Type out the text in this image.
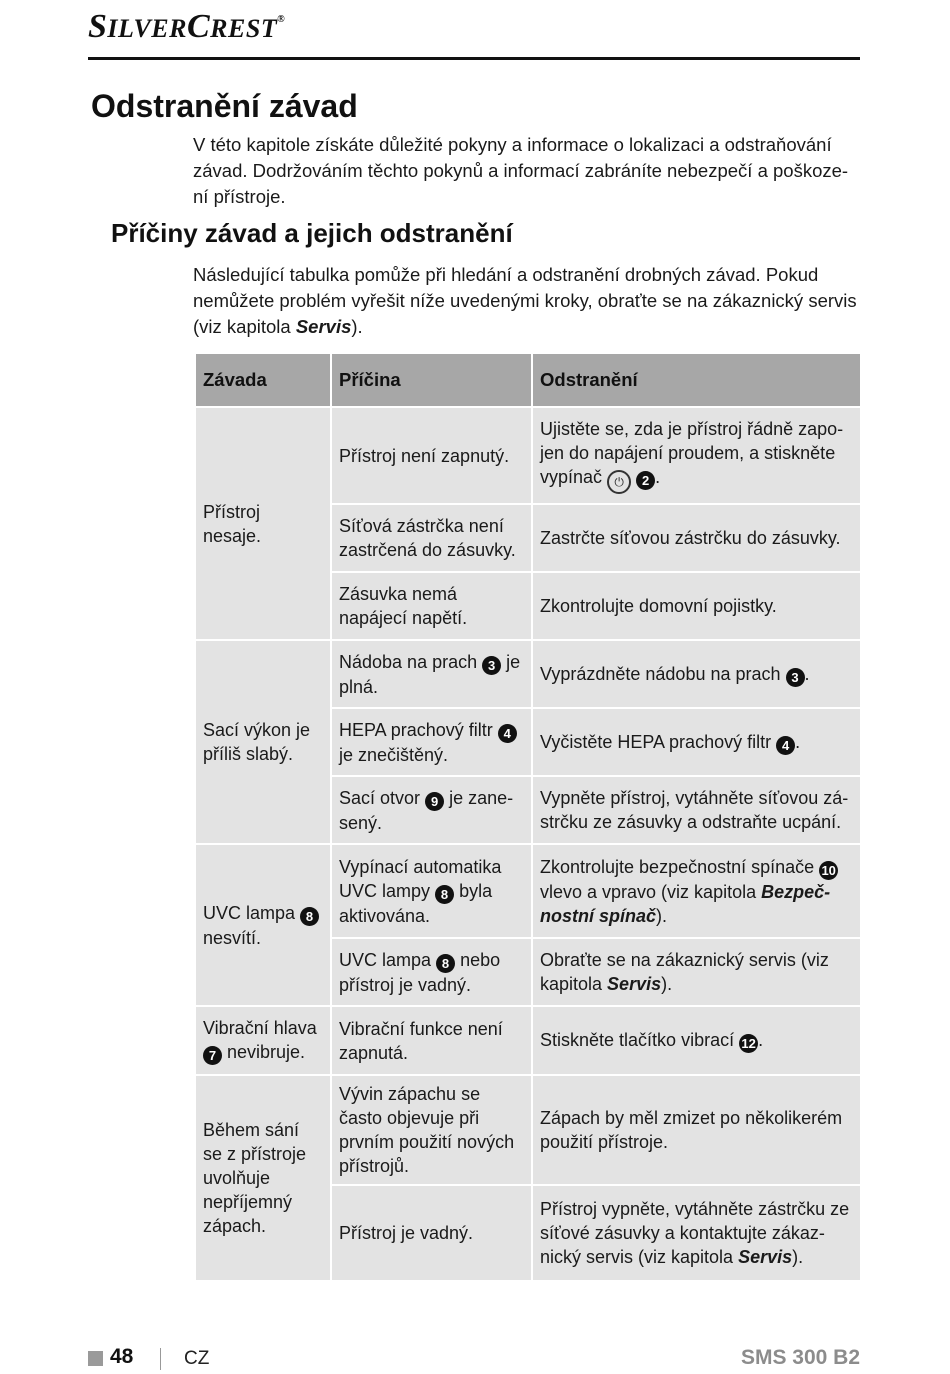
SILVERCREST®
Odstranění závad

V této kapitole získáte důležité pokyny a informace o lokalizaci a odstraňování závad. Dodržováním těchto pokynů a informací zabráníte nebezpečí a poškoze-ní přístroje.

Příčiny závad a jejich odstranění

Následující tabulka pomůže při hledání a odstranění drobných závad. Pokud nemůžete problém vyřešit níže uvedenými kroky, obraťte se na zákaznický servis (viz kapitola Servis).

Závada	Příčina	Odstranění
Přístroj nesaje.	Přístroj není zapnutý.	Ujistěte se, zda je přístroj řádně zapo-jen do napájení proudem, a stiskněte vypínač ⏻ 2 .
	Síťová zástrčka není zastrčená do zásuvky.	Zastrčte síťovou zástrčku do zásuvky.
	Zásuvka nemá napájecí napětí.	Zkontrolujte domovní pojistky.
Sací výkon je příliš slabý.	Nádoba na prach 3 je plná.	Vyprázdněte nádobu na prach 3 .
	HEPA prachový filtr 4 je znečištěný.	Vyčistěte HEPA prachový filtr 4 .
	Sací otvor 9 je zane-sený.	Vypněte přístroj, vytáhněte síťovou zá-strčku ze zásuvky a odstraňte ucpání.
UVC lampa 8 nesvítí.	Vypínací automatika UVC lampy 8 byla aktivována.	Zkontrolujte bezpečnostní spínače 10 vlevo a vpravo (viz kapitola Bezpeč-nostní spínač).
	UVC lampa 8 nebo přístroj je vadný.	Obraťte se na zákaznický servis (viz kapitola Servis).
Vibrační hlava 7 nevibruje.	Vibrační funkce není zapnutá.	Stiskněte tlačítko vibrací 12 .
Během sání se z přístroje uvolňuje nepříjemný zápach.	Vývin zápachu se často objevuje při prvním použití nových přístrojů.	Zápach by měl zmizet po několikerém použití přístroje.
	Přístroj je vadný.	Přístroj vypněte, vytáhněte zástrčku ze síťové zásuvky a kontaktujte zákaz-nický servis (viz kapitola Servis).
48	CZ	SMS 300 B2
